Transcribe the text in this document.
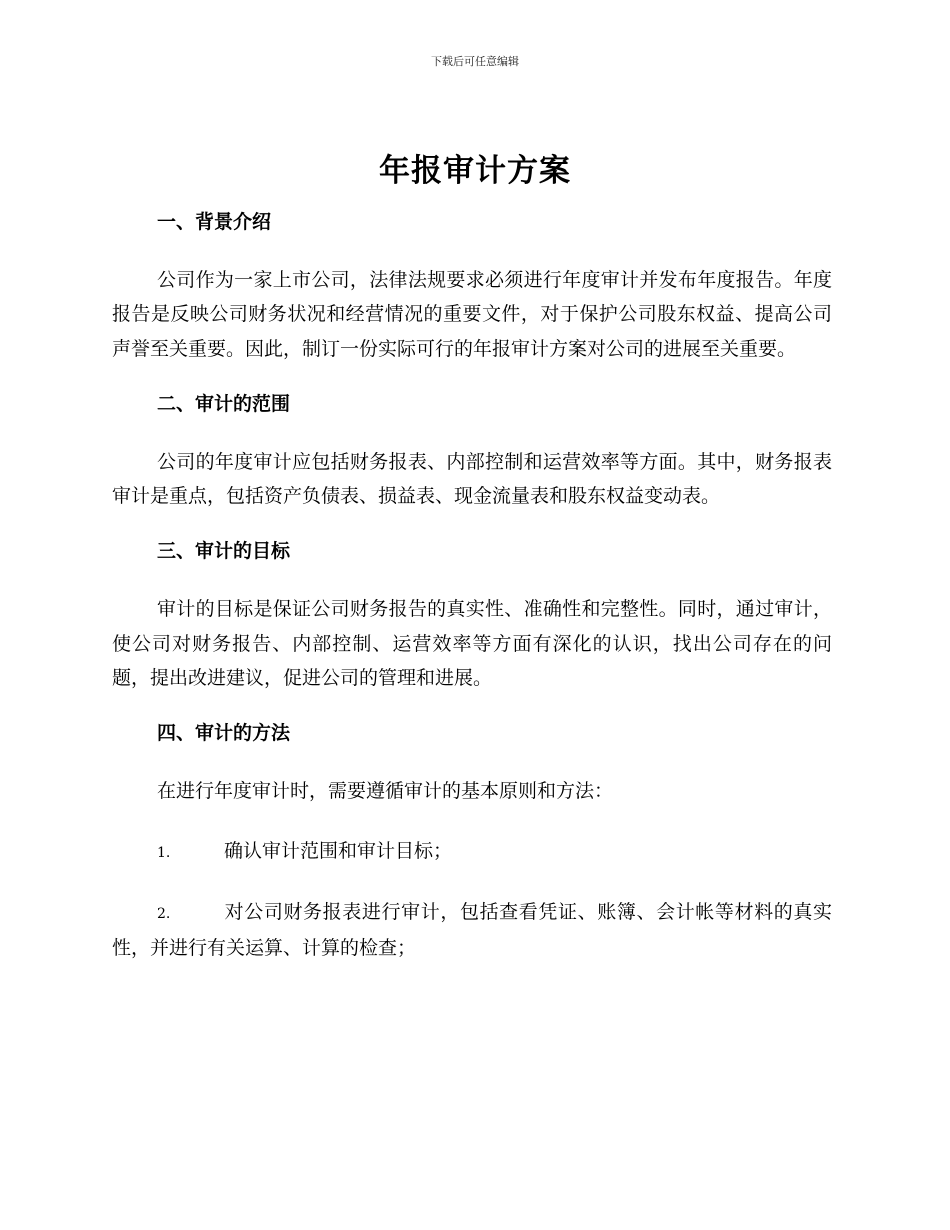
下载后可任意编辑
年报审计方案

一、背景介绍

公司作为一家上市公司，法律法规要求必须进行年度审计并发布年度报告。年度报告是反映公司财务状况和经营情况的重要文件，对于保护公司股东权益、提高公司声誉至关重要。因此，制订一份实际可行的年报审计方案对公司的进展至关重要。

二、审计的范围

公司的年度审计应包括财务报表、内部控制和运营效率等方面。其中，财务报表审计是重点，包括资产负债表、损益表、现金流量表和股东权益变动表。

三、审计的目标

审计的目标是保证公司财务报告的真实性、准确性和完整性。同时，通过审计，使公司对财务报告、内部控制、运营效率等方面有深化的认识，找出公司存在的问题，提出改进建议，促进公司的管理和进展。

四、审计的方法

在进行年度审计时，需要遵循审计的基本原则和方法：

1.	确认审计范围和审计目标；

2.	对公司财务报表进行审计，包括查看凭证、账簿、会计帐等材料的真实性，并进行有关运算、计算的检查；
